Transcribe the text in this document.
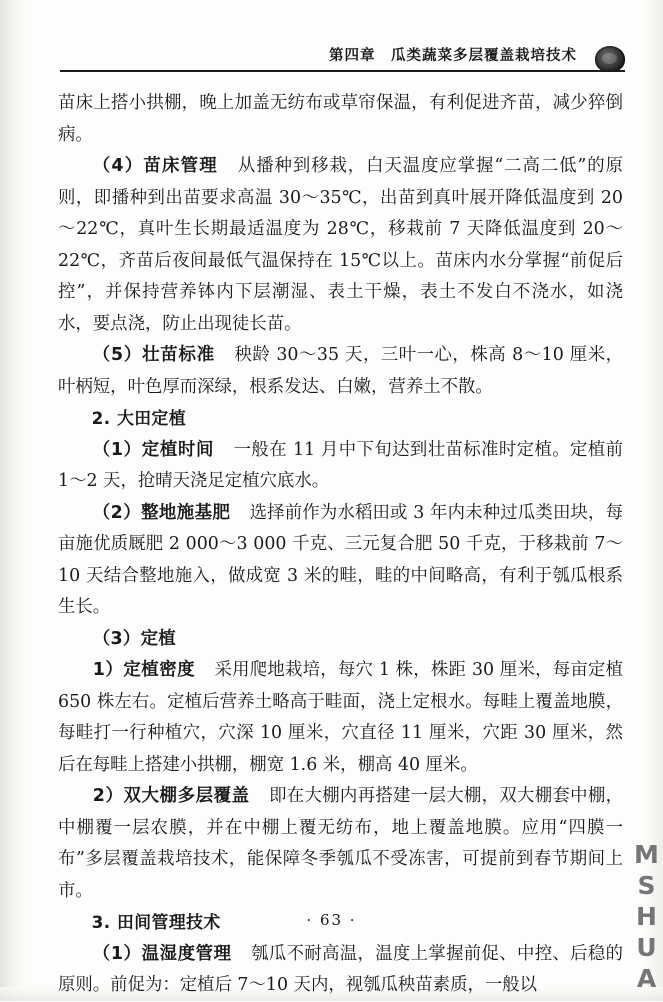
第四章　瓜类蔬菜多层覆盖栽培技术

苗床上搭小拱棚，晚上加盖无纺布或草帘保温，有利促进齐苗，减少猝倒病。

（4）苗床管理 从播种到移栽，白天温度应掌握“二高二低”的原则，即播种到出苗要求高温 30～35℃，出苗到真叶展开降低温度到 20～22℃，真叶生长期最适温度为 28℃，移栽前 7 天降低温度到 20～22℃，齐苗后夜间最低气温保持在 15℃以上。苗床内水分掌握“前促后控”，并保持营养钵内下层潮湿、表土干燥，表土不发白不浇水，如浇水，要点浇，防止出现徒长苗。

（5）壮苗标准 秧龄 30～35 天，三叶一心，株高 8～10 厘米，叶柄短，叶色厚而深绿，根系发达、白嫩，营养土不散。

2. 大田定植

（1）定植时间 一般在 11 月中下旬达到壮苗标准时定植。定植前 1～2 天，抢晴天浇足定植穴底水。

（2）整地施基肥 选择前作为水稻田或 3 年内未种过瓜类田块，每亩施优质厩肥 2 000～3 000 千克、三元复合肥 50 千克，于移栽前 7～10 天结合整地施入，做成宽 3 米的畦，畦的中间略高，有利于瓠瓜根系生长。

（3）定植

1）定植密度 采用爬地栽培，每穴 1 株，株距 30 厘米，每亩定植 650 株左右。定植后营养土略高于畦面，浇上定根水。每畦上覆盖地膜，每畦打一行种植穴，穴深 10 厘米，穴直径 11 厘米，穴距 30 厘米，然后在每畦上搭建小拱棚，棚宽 1.6 米，棚高 40 厘米。

2）双大棚多层覆盖 即在大棚内再搭建一层大棚，双大棚套中棚，中棚覆一层农膜，并在中棚上覆无纺布，地上覆盖地膜。应用“四膜一布”多层覆盖栽培技术，能保障冬季瓠瓜不受冻害，可提前到春节期间上市。

3. 田间管理技术

（1）温湿度管理 瓠瓜不耐高温，温度上掌握前促、中控、后稳的原则。前促为：定植后 7～10 天内，视瓠瓜秧苗素质，一般以

· 63 ·	MSHUA
